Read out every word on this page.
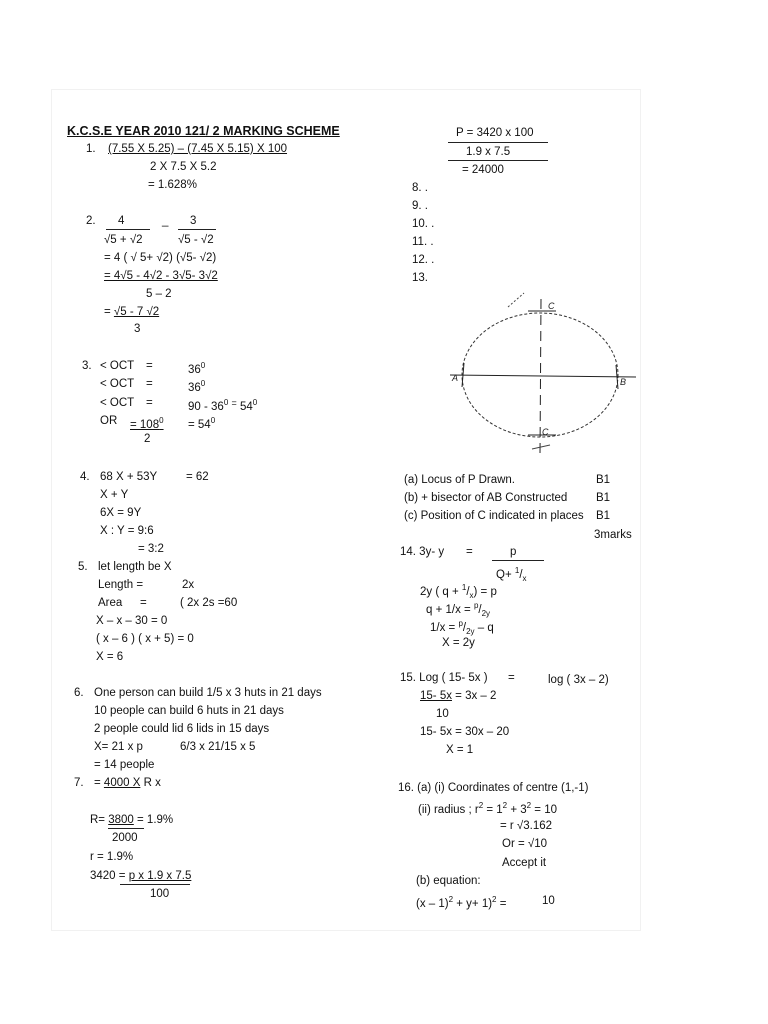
K.C.S.E YEAR 2010 121/ 2 MARKING SCHEME
1. (7.55 X 5.25) – (7.45 X 5.15) X 100
2 X 7.5 X 5.2
= 1.628%
2. 4	_ 3
√5 + √2	√5 - √2
= 4 ( √ 5+ √2) (√5- √2)
= 4√5 - 4√2 - 3√5- 3√2
5 – 2
= √5 - 7 √2
3
3. < OCT =	$36^0$
< OCT =	$36^0$
< OCT =	$90 - 36^0$ = $54^0$
OR = $108^0 = 54^0$
2
4. 68 X + 53Y	= 62
X + Y
6X = 9Y
X : Y = 9:6
= 3:2
5. let length be X
Length =	2x
Area =	( 2x 2s =60
X – x – 30 = 0
( x – 6 ) ( x + 5) = 0
X = 6
6. One person can build 1/5 x 3 huts in 21 days
10 people can build 6 huts in 21 days
2 people could lid 6 lids in 15 days
X= 21 x p	6/3 x 21/15 x 5
= 14 people
7. = 4000 X R x
R= 3800 = 1.9%
2000
r = 1.9%
3420 = p x 1.9 x 7.5
100
P = 3420 x 100
1.9 x 7.5
= 24000
8. .
9. .
10. .
11. .
12. .
13.
A	B
C
C
(a) Locus of P Drawn.	B1
(b) + bisector of AB Constructed B1
(c) Position of C indicated in places B1
3marks
14. 3y- y =	p
$Q+ ^1/_x$
2y ( $q + ^1/_x) = p$
$q + 1/x = ^p/_{2y}$
$1/x = ^p/_{2y} - q$
X = 2y
15. Log ( 15- 5x ) =	log ( 3x – 2)
15- 5x = 3x – 2
10
15- 5x = 30x – 20
X = 1
16. (a) (i) Coordinates of centre (1,-1)
(ii) radius ; $r^2 = 1^2 + 3^2 = 10$
= r √3.162
Or = √10
Accept it
(b) equation:
(x – 1)$^2$ + y+ 1)$^2$ =	10
